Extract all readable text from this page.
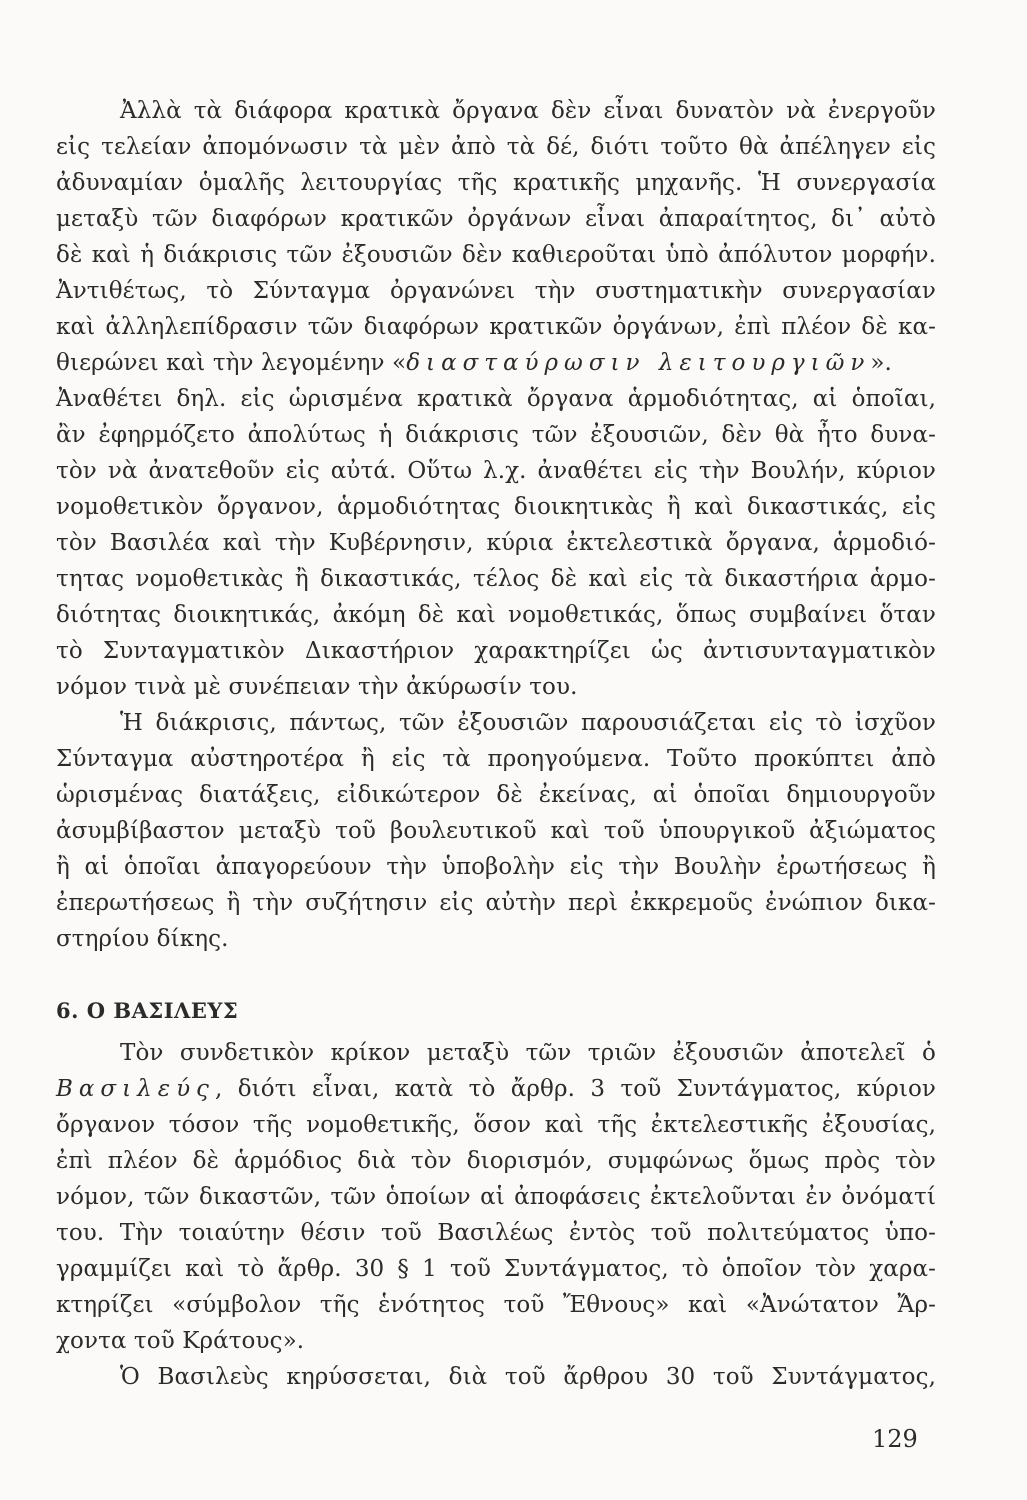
Ἀλλὰ τὰ διάφορα κρατικὰ ὄργανα δὲν εἶναι δυνατὸν νὰ ἐνεργοῦν
εἰς τελείαν ἀπομόνωσιν τὰ μὲν ἀπὸ τὰ δέ, διότι τοῦτο θὰ ἀπέληγεν εἰς
ἀδυναμίαν ὁμαλῆς λειτουργίας τῆς κρατικῆς μηχανῆς. Ἡ συνεργασία
μεταξὺ τῶν διαφόρων κρατικῶν ὀργάνων εἶναι ἀπαραίτητος, δι᾽ αὐτὸ
δὲ καὶ ἡ διάκρισις τῶν ἐξουσιῶν δὲν καθιεροῦται ὑπὸ ἀπόλυτον μορφήν.
Ἀντιθέτως, τὸ Σύνταγμα ὀργανώνει τὴν συστηματικὴν συνεργασίαν
καὶ ἀλληλεπίδρασιν τῶν διαφόρων κρατικῶν ὀργάνων, ἐπὶ πλέον δὲ κα-
θιερώνει καὶ τὴν λεγομένην «διασταύρωσιν λειτουργιῶν».
Ἀναθέτει δηλ. εἰς ὡρισμένα κρατικὰ ὄργανα ἁρμοδιότητας, αἱ ὁποῖαι,
ἂν ἐφηρμόζετο ἀπολύτως ἡ διάκρισις τῶν ἐξουσιῶν, δὲν θὰ ἦτο δυνα-
τὸν νὰ ἀνατεθοῦν εἰς αὐτά. Οὕτω λ.χ. ἀναθέτει εἰς τὴν Βουλήν, κύριον
νομοθετικὸν ὄργανον, ἁρμοδιότητας διοικητικὰς ἢ καὶ δικαστικάς, εἰς
τὸν Βασιλέα καὶ τὴν Κυβέρνησιν, κύρια ἐκτελεστικὰ ὄργανα, ἁρμοδιό-
τητας νομοθετικὰς ἢ δικαστικάς, τέλος δὲ καὶ εἰς τὰ δικαστήρια ἁρμο-
διότητας διοικητικάς, ἀκόμη δὲ καὶ νομοθετικάς, ὅπως συμβαίνει ὅταν
τὸ Συνταγματικὸν Δικαστήριον χαρακτηρίζει ὡς ἀντισυνταγματικὸν
νόμον τινὰ μὲ συνέπειαν τὴν ἀκύρωσίν του.
Ἡ διάκρισις, πάντως, τῶν ἐξουσιῶν παρουσιάζεται εἰς τὸ ἰσχῦον
Σύνταγμα αὐστηροτέρα ἢ εἰς τὰ προηγούμενα. Τοῦτο προκύπτει ἀπὸ
ὡρισμένας διατάξεις, εἰδικώτερον δὲ ἐκείνας, αἱ ὁποῖαι δημιουργοῦν
ἀσυμβίβαστον μεταξὺ τοῦ βουλευτικοῦ καὶ τοῦ ὑπουργικοῦ ἀξιώματος
6. Ο ΒΑΣΙΛΕΥΣ
129
ἢ αἱ ὁποῖαι ἀπαγορεύουν τὴν ὑποβολὴν εἰς τὴν Βουλὴν ἐρωτήσεως ἢ
ἐπερωτήσεως ἢ τὴν συζήτησιν εἰς αὐτὴν περὶ ἐκκρεμοῦς ἐνώπιον δικα-
στηρίου δίκης.
Τὸν συνδετικὸν κρίκον μεταξὺ τῶν τριῶν ἐξουσιῶν ἀποτελεῖ ὁ
Βασιλεύς, διότι εἶναι, κατὰ τὸ ἄρθρ. 3 τοῦ Συντάγματος, κύριον
ὄργανον τόσον τῆς νομοθετικῆς, ὅσον καὶ τῆς ἐκτελεστικῆς ἐξουσίας,
ἐπὶ πλέον δὲ ἁρμόδιος διὰ τὸν διορισμόν, συμφώνως ὅμως πρὸς τὸν
νόμον, τῶν δικαστῶν, τῶν ὁποίων αἱ ἀποφάσεις ἐκτελοῦνται ἐν ὀνόματί
του. Τὴν τοιαύτην θέσιν τοῦ Βασιλέως ἐντὸς τοῦ πολιτεύματος ὑπο-
γραμμίζει καὶ τὸ ἄρθρ. 30 § 1 τοῦ Συντάγματος, τὸ ὁποῖον τὸν χαρα-
κτηρίζει «σύμβολον τῆς ἑνότητος τοῦ Ἔθνους» καὶ «Ἀνώτατον Ἄρ-
χοντα τοῦ Κράτους».
Ὁ Βασιλεὺς κηρύσσεται, διὰ τοῦ ἄρθρου 30 τοῦ Συντάγματος,
